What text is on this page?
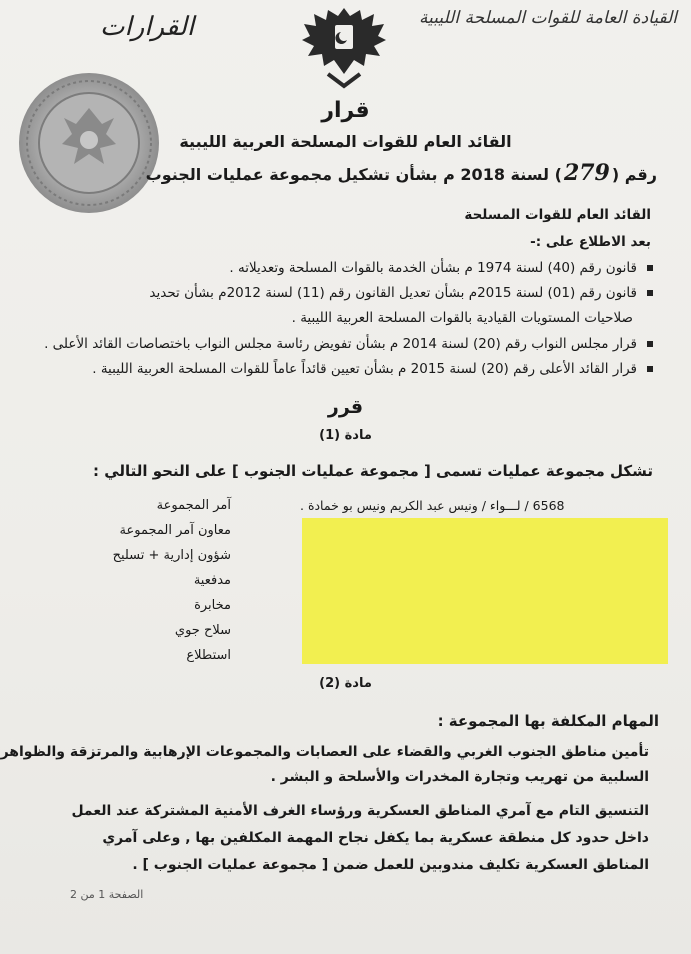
القيادة العامة للقوات المسلحة الليبية
القرارات
قرار
القائد العام للقوات المسلحة العربية الليبية
رقم (279) لسنة 2018 م بشأن تشكيل مجموعة عمليات الجنوب
القائد العام للقوات المسلحة
بعد الاطلاع على :-
قانون رقم (40) لسنة 1974 م بشأن الخدمة بالقوات المسلحة وتعديلاته .
قانون رقم (01) لسنة 2015م بشأن تعديل القانون رقم (11) لسنة 2012م بشأن تحديد
صلاحيات المستويات القيادية بالقوات المسلحة العربية الليبية .
قرار مجلس النواب رقم (20) لسنة 2014 م بشأن تفويض رئاسة مجلس النواب باختصاصات القائد الأعلى .
قرار القائد الأعلى رقم (20) لسنة 2015 م بشأن تعيين قائداً عاماً للقوات المسلحة العربية الليبية .
قرر
مادة (1)
تشكل مجموعة عمليات تسمى [ مجموعة عمليات الجنوب ] على النحو التالي :
6568 / لـــواء / ونيس عبد الكريم ونيس بو خمادة .
آمر المجموعة
معاون آمر المجموعة
شؤون إدارية + تسليح
مدفعية
مخابرة
سلاح جوي
استطلاع
مادة (2)
المهام المكلفة بها المجموعة :
تأمين مناطق الجنوب الغربي والقضاء على العصابات والمجموعات الإرهابية والمرتزقة والظواهر
السلبية من تهريب وتجارة المخدرات والأسلحة و البشر .
التنسيق التام مع آمري المناطق العسكرية ورؤساء الغرف الأمنية المشتركة عند العمل
داخل حدود كل منطقة عسكرية بما يكفل نجاح المهمة المكلفين بها , وعلى آمري
المناطق العسكرية تكليف مندوبين للعمل ضمن [ مجموعة عمليات الجنوب ] .
الصفحة 1 من 2
